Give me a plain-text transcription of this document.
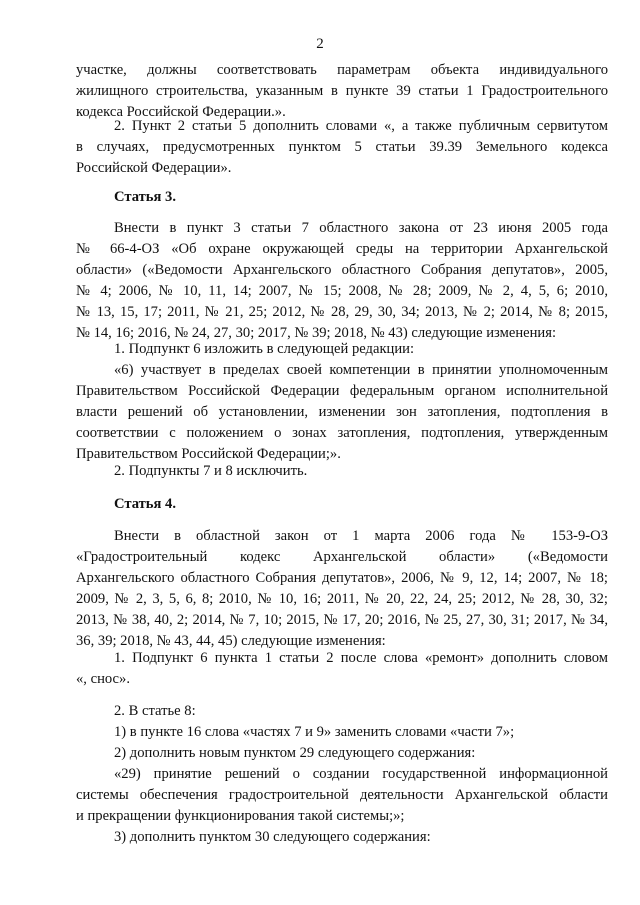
2
участке, должны соответствовать параметрам объекта индивидуального
жилищного строительства, указанным в пункте 39 статьи 1 Градостроительного
кодекса Российской Федерации.».
2. Пункт 2 статьи 5 дополнить словами «, а также публичным сервитутом
в случаях, предусмотренных пунктом 5 статьи 39.39 Земельного кодекса
Российской Федерации».
Статья 3.
Внести в пункт 3 статьи 7 областного закона от 23 июня 2005 года
№ 66-4-ОЗ «Об охране окружающей среды на территории Архангельской
области» («Ведомости Архангельского областного Собрания депутатов», 2005,
№ 4; 2006, № 10, 11, 14; 2007, № 15; 2008, № 28; 2009, № 2, 4, 5, 6; 2010,
№ 13, 15, 17; 2011, № 21, 25; 2012, № 28, 29, 30, 34; 2013, № 2; 2014, № 8; 2015,
№ 14, 16; 2016, № 24, 27, 30; 2017, № 39; 2018, № 43) следующие изменения:
1. Подпункт 6 изложить в следующей редакции:
«6) участвует в пределах своей компетенции в принятии уполномоченным
Правительством Российской Федерации федеральным органом исполнительной
власти решений об установлении, изменении зон затопления, подтопления в
соответствии с положением о зонах затопления, подтопления, утвержденным
Правительством Российской Федерации;».
2. Подпункты 7 и 8 исключить.
Статья 4.
Внести в областной закон от 1 марта 2006 года № 153-9-ОЗ
«Градостроительный кодекс Архангельской области» («Ведомости
Архангельского областного Собрания депутатов», 2006, № 9, 12, 14; 2007, № 18;
2009, № 2, 3, 5, 6, 8; 2010, № 10, 16; 2011, № 20, 22, 24, 25; 2012, № 28, 30, 32;
2013, № 38, 40, 2; 2014, № 7, 10; 2015, № 17, 20; 2016, № 25, 27, 30, 31; 2017, № 34,
36, 39; 2018, № 43, 44, 45) следующие изменения:
1. Подпункт 6 пункта 1 статьи 2 после слова «ремонт» дополнить словом
«, снос».
2. В статье 8:
1) в пункте 16 слова «частях 7 и 9» заменить словами «части 7»;
2) дополнить новым пунктом 29 следующего содержания:
«29) принятие решений о создании государственной информационной
системы обеспечения градостроительной деятельности Архангельской области
и прекращении функционирования такой системы;»;
3) дополнить пунктом 30 следующего содержания:
